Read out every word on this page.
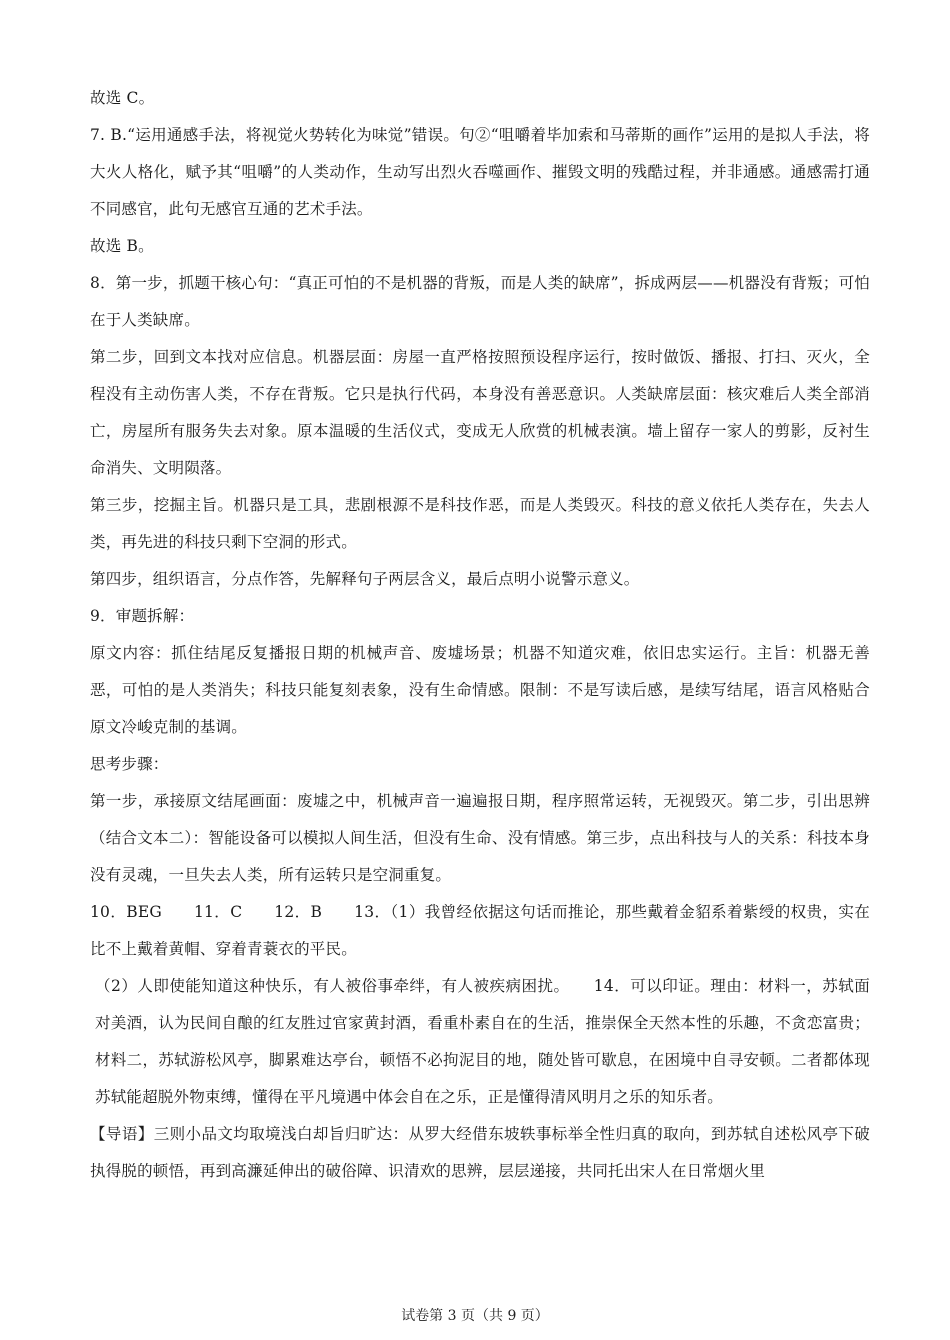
故选 C。

7. B.“运用通感手法，将视觉火势转化为味觉”错误。句②“咀嚼着毕加索和马蒂斯的画作”运用的是拟人手法，将大火人格化，赋予其“咀嚼”的人类动作，生动写出烈火吞噬画作、摧毁文明的残酷过程，并非通感。通感需打通不同感官，此句无感官互通的艺术手法。

故选 B。

8．第一步，抓题干核心句：“真正可怕的不是机器的背叛，而是人类的缺席”，拆成两层——机器没有背叛；可怕在于人类缺席。

第二步，回到文本找对应信息。机器层面：房屋一直严格按照预设程序运行，按时做饭、播报、打扫、灭火，全程没有主动伤害人类，不存在背叛。它只是执行代码，本身没有善恶意识。人类缺席层面：核灾难后人类全部消亡，房屋所有服务失去对象。原本温暖的生活仪式，变成无人欣赏的机械表演。墙上留存一家人的剪影，反衬生命消失、文明陨落。

第三步，挖掘主旨。机器只是工具，悲剧根源不是科技作恶，而是人类毁灭。科技的意义依托人类存在，失去人类，再先进的科技只剩下空洞的形式。

第四步，组织语言，分点作答，先解释句子两层含义，最后点明小说警示意义。

9．审题拆解：

原文内容：抓住结尾反复播报日期的机械声音、废墟场景；机器不知道灾难，依旧忠实运行。主旨：机器无善恶，可怕的是人类消失；科技只能复刻表象，没有生命情感。限制：不是写读后感，是续写结尾，语言风格贴合原文冷峻克制的基调。

思考步骤：

第一步，承接原文结尾画面：废墟之中，机械声音一遍遍报日期，程序照常运转，无视毁灭。第二步，引出思辨（结合文本二）：智能设备可以模拟人间生活，但没有生命、没有情感。第三步，点出科技与人的关系：科技本身没有灵魂，一旦失去人类，所有运转只是空洞重复。

10．BEG　　11．C　　12．B　　13．（1）我曾经依据这句话而推论，那些戴着金貂系着紫绶的权贵，实在比不上戴着黄帽、穿着青蓑衣的平民。

（2）人即使能知道这种快乐，有人被俗事牵绊，有人被疾病困扰。　　14．可以印证。理由：材料一，苏轼面对美酒，认为民间自酿的红友胜过官家黄封酒，看重朴素自在的生活，推崇保全天然本性的乐趣，不贪恋富贵；材料二，苏轼游松风亭，脚累难达亭台，顿悟不必拘泥目的地，随处皆可歇息，在困境中自寻安顿。二者都体现苏轼能超脱外物束缚，懂得在平凡境遇中体会自在之乐，正是懂得清风明月之乐的知乐者。

【导语】三则小品文均取境浅白却旨归旷达：从罗大经借东坡轶事标举全性归真的取向，到苏轼自述松风亭下破执得脱的顿悟，再到高濂延伸出的破俗障、识清欢的思辨，层层递接，共同托出宋人在日常烟火里

试卷第 3 页（共 9 页）
